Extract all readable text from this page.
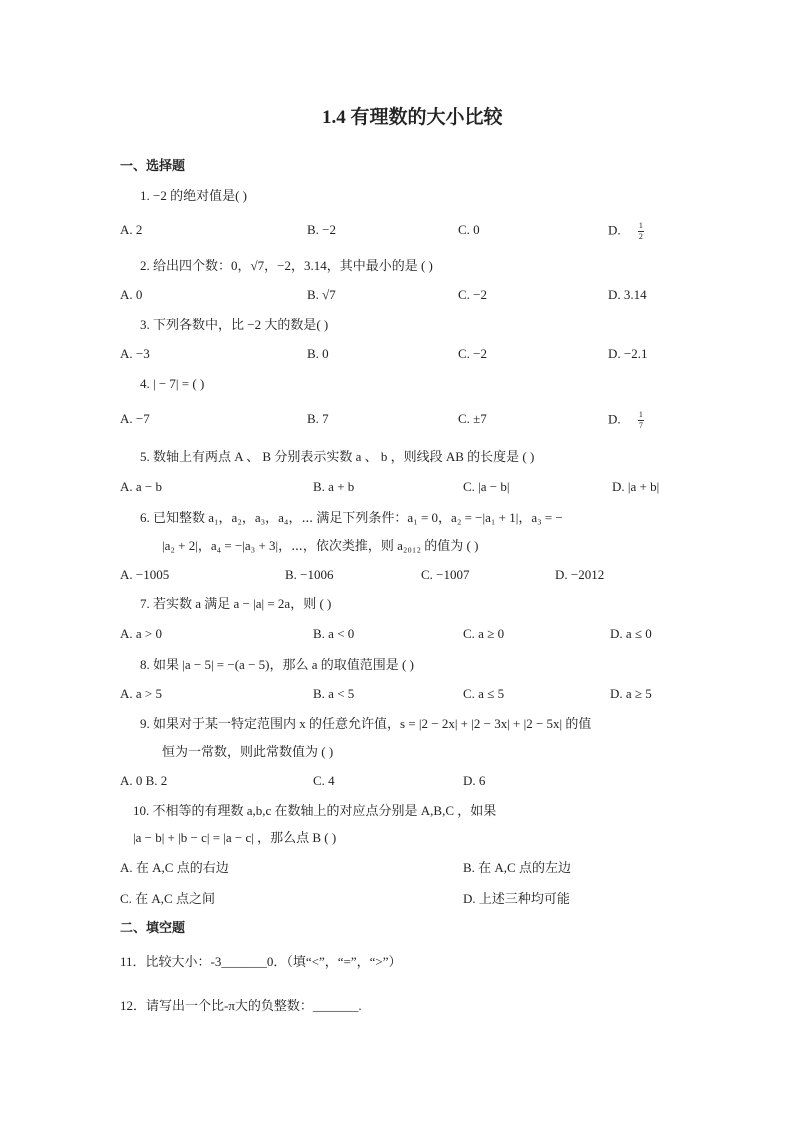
1.4 有理数的大小比较
一、选择题
1. −2 的绝对值是( )
A. 2	B. −2	C. 0	D. $\frac{1}{2}$
2. 给出四个数：0，√7，−2，3.14，其中最小的是 ( )
A. 0	B. √7	C. −2	D. 3.14
3. 下列各数中，比 −2 大的数是( )
A. −3	B. 0	C. −2	D. −2.1
4. | − 7| = ( )
A. −7	B. 7	C. ±7	D. $\frac{1}{7}$
5. 数轴上有两点 A 、 B 分别表示实数 a 、 b ，则线段 AB 的长度是 ( )
A. a − b	B. a + b	C. |a − b|	D. |a + b|
6. 已知整数 a₁，a₂，a₃，a₄，⋯ 满足下列条件：a₁ = 0，a₂ = −|a₁ + 1|，a₃ = −
|a₂ + 2|，a₄ = −|a₃ + 3|，⋯，依次类推，则 a₂₀₁₂ 的值为 ( )
A. −1005	B. −1006	C. −1007	D. −2012
7. 若实数 a 满足 a − |a| = 2a，则 ( )
A. a > 0	B. a < 0	C. a ≥ 0	D. a ≤ 0
8. 如果 |a − 5| = −(a − 5)，那么 a 的取值范围是 ( )
A. a > 5	B. a < 5	C. a ≤ 5	D. a ≥ 5
9. 如果对于某一特定范围内 x 的任意允许值，s = |2 − 2x| + |2 − 3x| + |2 − 5x| 的值
恒为一常数，则此常数值为 ( )
A. 0 B. 2	C. 4	D. 6
10. 不相等的有理数 a,b,c 在数轴上的对应点分别是 A,B,C ，如果
|a − b| + |b − c| = |a − c| ，那么点 B ( )
A. 在 A,C 点的右边	B. 在 A,C 点的左边
C. 在 A,C 点之间	D. 上述三种均可能
二、填空题
11．比较大小：-3_______0．（填“<”，“=”，“>”）
12．请写出一个比-π大的负整数：_______.
